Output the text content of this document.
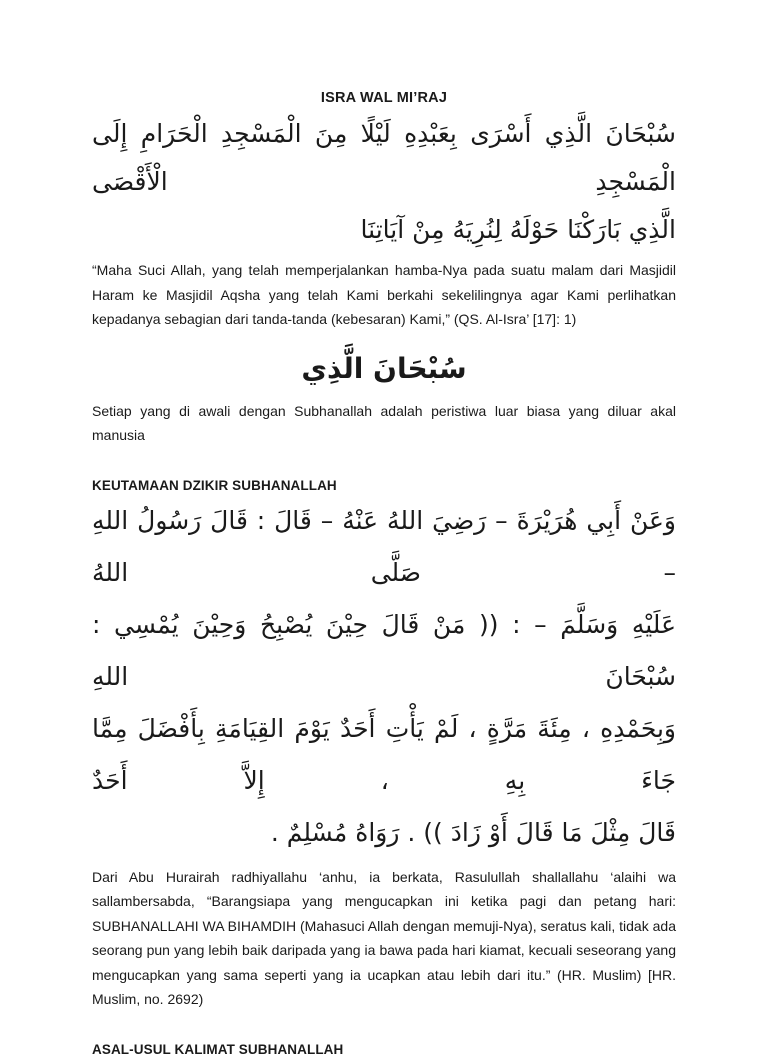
ISRA WAL MI’RAJ
سُبْحَانَ الَّذِي أَسْرَى بِعَبْدِهِ لَيْلًا مِنَ الْمَسْجِدِ الْحَرَامِ إِلَى الْمَسْجِدِ الْأَقْصَى
الَّذِي بَارَكْنَا حَوْلَهُ لِنُرِيَهُ مِنْ آيَاتِنَا

“Maha Suci Allah, yang telah memperjalankan hamba-Nya pada suatu malam dari Masjidil Haram ke Masjidil Aqsha yang telah Kami berkahi sekelilingnya agar Kami perlihatkan kepadanya sebagian dari tanda-tanda (kebesaran) Kami,” (QS. Al-Isra’ [17]: 1)

سُبْحَانَ الَّذِي

Setiap yang di awali dengan Subhanallah adalah peristiwa luar biasa yang diluar akal manusia

KEUTAMAAN DZIKIR SUBHANALLAH

وَعَنْ أَبِي هُرَيْرَةَ – رَضِيَ اللهُ عَنْهُ – قَالَ : قَالَ رَسُولُ اللهِ – صَلَّى اللهُ
عَلَيْهِ وَسَلَّمَ – : (( مَنْ قَالَ حِيْنَ يُصْبِحُ وَحِيْنَ يُمْسِي : سُبْحَانَ اللهِ
وَبِحَمْدِهِ ، مِئَةَ مَرَّةٍ ، لَمْ يَأْتِ أَحَدٌ يَوْمَ القِيَامَةِ بِأَفْضَلَ مِمَّا جَاءَ بِهِ ، إِلاَّ أَحَدٌ
قَالَ مِثْلَ مَا قَالَ أَوْ زَادَ )) . رَوَاهُ مُسْلِمٌ .

Dari Abu Hurairah radhiyallahu ‘anhu, ia berkata, Rasulullah shallallahu ‘alaihi wa sallambersabda, “Barangsiapa yang mengucapkan ini ketika pagi dan petang hari: SUBHANALLAHI WA BIHAMDIH (Mahasuci Allah dengan memuji-Nya), seratus kali, tidak ada seorang pun yang lebih baik daripada yang ia bawa pada hari kiamat, kecuali seseorang yang mengucapkan yang sama seperti yang ia ucapkan atau lebih dari itu.” (HR. Muslim) [HR. Muslim, no. 2692)

ASAL-USUL KALIMAT SUBHANALLAH
